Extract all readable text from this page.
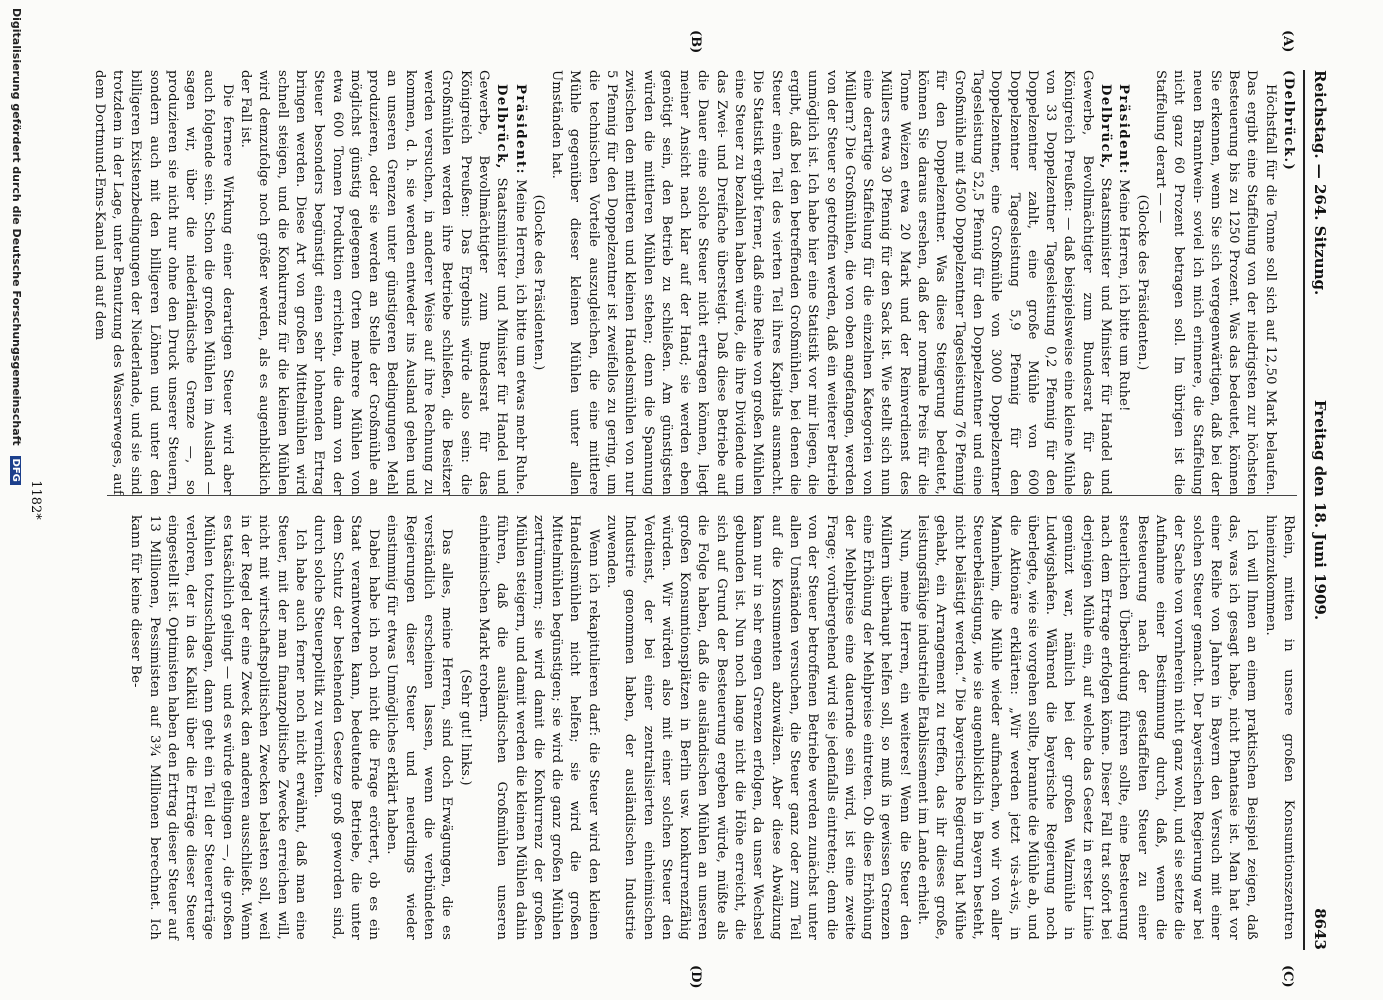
Reichstag. — 264. Sitzung.
Freitag den 18. Juni 1909.
8643
(A)
(B)
(C)
(D)

(Delbrück.)

Höchstfall für die Tonne soll sich auf 12,50 Mark belaufen. Das ergibt eine Staffelung von der niedrigsten zur höchsten Besteuerung bis zu 1250 Prozent. Was das bedeutet, können Sie erkennen, wenn Sie sich vergegenwärtigen, daß bei der neuen Branntwein- soviel ich mich erinnere, die Staffelung nicht ganz 60 Prozent betragen soll. Im übrigen ist die Staffelung derart — —

(Glocke des Präsidenten.)

Präsident: Meine Herren, ich bitte um Ruhe!

Delbrück, Staatsminister und Minister für Handel und Gewerbe, Bevollmächtigter zum Bundesrat für das Königreich Preußen: — daß beispielsweise eine kleine Mühle von 33 Doppelzentner Tagesleistung 0,2 Pfennig für den Doppelzentner zahlt, eine große Mühle von 600 Doppelzentner Tagesleistung 5,9 Pfennig für den Doppelzentner, eine Großmühle von 3000 Doppelzentner Tagesleistung 52,5 Pfennig für den Doppelzentner und eine Großmühle mit 4500 Doppelzentner Tagesleistung 76 Pfennig für den Doppelzentner. Was diese Steigerung bedeutet, können Sie daraus ersehen, daß der normale Preis für die Tonne Weizen etwa 20 Mark und der Reinverdienst des Müllers etwa 30 Pfennig für den Sack ist. Wie stellt sich nun eine derartige Staffelung für die einzelnen Kategorien von Müllern? Die Großmühlen, die von oben angefangen, werden von der Steuer so getroffen werden, daß ein weiterer Betrieb unmöglich ist. Ich habe hier eine Statistik vor mir liegen, die ergibt, daß bei den betreffenden Großmühlen, bei denen die Steuer einen Teil des vierten Teil ihres Kapitals ausmacht. Die Statistik ergibt ferner, daß eine Reihe von großen Mühlen eine Steuer zu bezahlen haben würde, die ihre Dividende um das Zwei- und Dreifache übersteigt. Daß diese Betriebe auf die Dauer eine solche Steuer nicht ertragen können, liegt meiner Ansicht nach klar auf der Hand; sie werden eben genötigt sein, den Betrieb zu schließen. Am günstigsten würden die mittleren Mühlen stehen; denn die Spannung zwischen den mittleren und kleinen Handelsmühlen von nur 5 Pfennig für den Doppelzentner ist zweifellos zu gering, um die technischen Vorteile auszugleichen, die eine mittlere Mühle gegenüber dieser kleinen Mühlen unter allen Umständen hat.

(Glocke des Präsidenten.)

Präsident: Meine Herren, ich bitte um etwas mehr Ruhe.

Delbrück, Staatsminister und Minister für Handel und Gewerbe, Bevollmächtigter zum Bundesrat für das Königreich Preußen: Das Ergebnis würde also sein: die Großmühlen werden ihre Betriebe schließen, die Besitzer werden versuchen, in anderer Weise auf ihre Rechnung zu kommen, d. h. sie werden entweder ins Ausland gehen und an unseren Grenzen unter günstigeren Bedingungen Mehl produzieren, oder sie werden an Stelle der Großmühle an möglichst günstig gelegenen Orten mehrere Mühlen von etwa 600 Tonnen Produktion errichten, die dann von der Steuer besonders begünstigt einen sehr lohnenden Ertrag bringen werden. Diese Art von großen Mittelmühlen wird schnell steigen, und die Konkurrenz für die kleinen Mühlen wird demzufolge noch größer werden, als es augenblicklich der Fall ist.

Die fernere Wirkung einer derartigen Steuer wird aber auch folgende sein. Schon die großen Mühlen im Ausland — sagen wir, über die niederländische Grenze —, so produzieren sie nicht nur ohne den Druck unserer Steuern, sondern auch mit den billigeren Löhnen und unter den billigeren Existenzbedingungen der Niederlande, und sie sind trotzdem in der Lage, unter Benutzung des Wasserweges, auf dem Dortmund-Ems-Kanal und auf dem

Rhein, mitten in unsere großen Konsumtionszentren hineinzukommen.

Ich will Ihnen an einem praktischen Beispiel zeigen, daß das, was ich gesagt habe, nicht Phantasie ist. Man hat vor einer Reihe von Jahren in Bayern den Versuch mit einer solchen Steuer gemacht. Der bayerischen Regierung war bei der Sache von vornherein nicht ganz wohl, und sie setzte die Aufnahme einer Bestimmung durch, daß, wenn die Besteuerung nach der gestaffelten Steuer zu einer steuerlichen Überbürdung führen sollte, eine Besteuerung nach dem Ertrage erfolgen könne. Dieser Fall trat sofort bei derjenigen Mühle ein, auf welche das Gesetz in erster Linie gemünzt war, nämlich bei der großen Walzmühle in Ludwigshafen. Während die bayerische Regierung noch überlegte, wie sie vorgehen sollte, brannte die Mühle ab, und die Aktionäre erklärten: „Wir werden jetzt vis-à-vis, in Mannheim, die Mühle wieder aufmachen, wo wir von aller Steuerbelästigung, wie sie augenblicklich in Bayern besteht, nicht belästigt werden.“ Die bayerische Regierung hat Mühe gehabt, ein Arrangement zu treffen, das ihr dieses große, leistungsfähige industrielle Etablissement im Lande erhielt.

Nun, meine Herren, ein weiteres! Wenn die Steuer den Müllern überhaupt helfen soll, so muß in gewissen Grenzen eine Erhöhung der Mehlpreise eintreten. Ob diese Erhöhung der Mehlpreise eine dauernde sein wird, ist eine zweite Frage; vorübergehend wird sie jedenfalls eintreten; denn die von der Steuer betroffenen Betriebe werden zunächst unter allen Umständen versuchen, die Steuer ganz oder zum Teil auf die Konsumenten abzuwälzen. Aber diese Abwälzung kann nur in sehr engen Grenzen erfolgen, da unser Wechsel gebunden ist. Nun noch lange nicht die Höhe erreicht, die sich auf Grund der Besteuerung ergeben würde, müßte als die Folge haben, daß die ausländischen Mühlen an unseren großen Konsumtionsplätzen in Berlin usw. konkurrenzfähig würden. Wir würden also mit einer solchen Steuer den Verdienst, der bei einer zentralisierten einheimischen Industrie genommen haben, der ausländischen Industrie zuwenden.

Wenn ich rekapitulieren darf: die Steuer wird den kleinen Handelsmühlen nicht helfen; sie wird die großen Mittelmühlen begünstigen; sie wird die ganz großen Mühlen zertrümmern; sie wird damit die Konkurrenz der großen Mühlen steigern, und damit werden die kleinen Mühlen dahin führen, daß die ausländischen Großmühlen unseren einheimischen Markt erobern.

(Sehr gut! links.)

Das alles, meine Herren, sind doch Erwägungen, die es verständlich erscheinen lassen, wenn die verbündeten Regierungen dieser Steuer und neuerdings wieder einstimmig für etwas Unmögliches erklärt haben.

Dabei habe ich noch nicht die Frage erörtert, ob es ein Staat verantworten kann, bedeutende Betriebe, die unter dem Schutz der bestehenden Gesetze groß geworden sind, durch solche Steuerpolitik zu vernichten.

Ich habe auch ferner noch nicht erwähnt, daß man eine Steuer, mit der man finanzpolitische Zwecke erreichen will, nicht mit wirtschaftspolitischen Zwecken belasten soll, weil in der Regel der eine Zweck den anderen ausschließt. Wenn es tatsächlich gelingt — und es würde gelingen —, die großen Mühlen totzuschlagen, dann geht ein Teil der Steuererträge verloren, der in das Kalkül über die Erträge dieser Steuer eingestellt ist. Optimisten haben den Ertrag dieser Steuer auf 13 Millionen, Pessimisten auf 3¾ Millionen berechnet. Ich kann für keine dieser Be-

1182*
Digitalisierung gefördert durch die Deutsche Forschungsgemeinschaft DFG
